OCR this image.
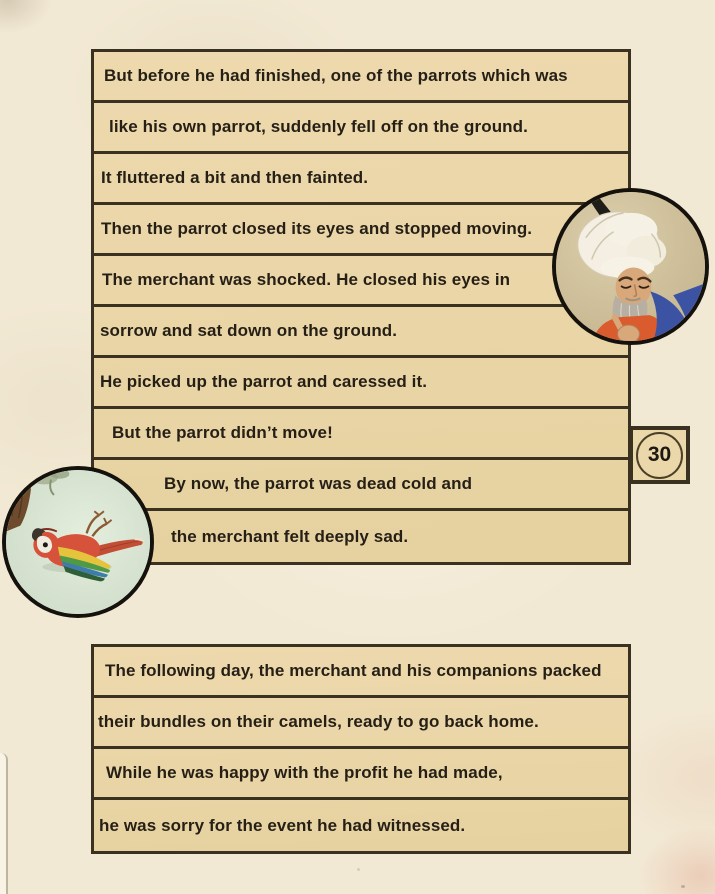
But before he had finished, one of the parrots which was
like his own parrot, suddenly fell off on the ground.
It fluttered a bit and then fainted.
Then the parrot closed its eyes and stopped moving.
The merchant was shocked. He closed his eyes in
sorrow and sat down on the ground.
He picked up the parrot and caressed it.
But the parrot didn’t move!
By now, the parrot was dead cold and
the merchant felt deeply sad.
The following day, the merchant and his companions packed
their bundles on their camels, ready to go back home.
While he was happy with the profit he had made,
he was sorry for the event he had witnessed.
30
